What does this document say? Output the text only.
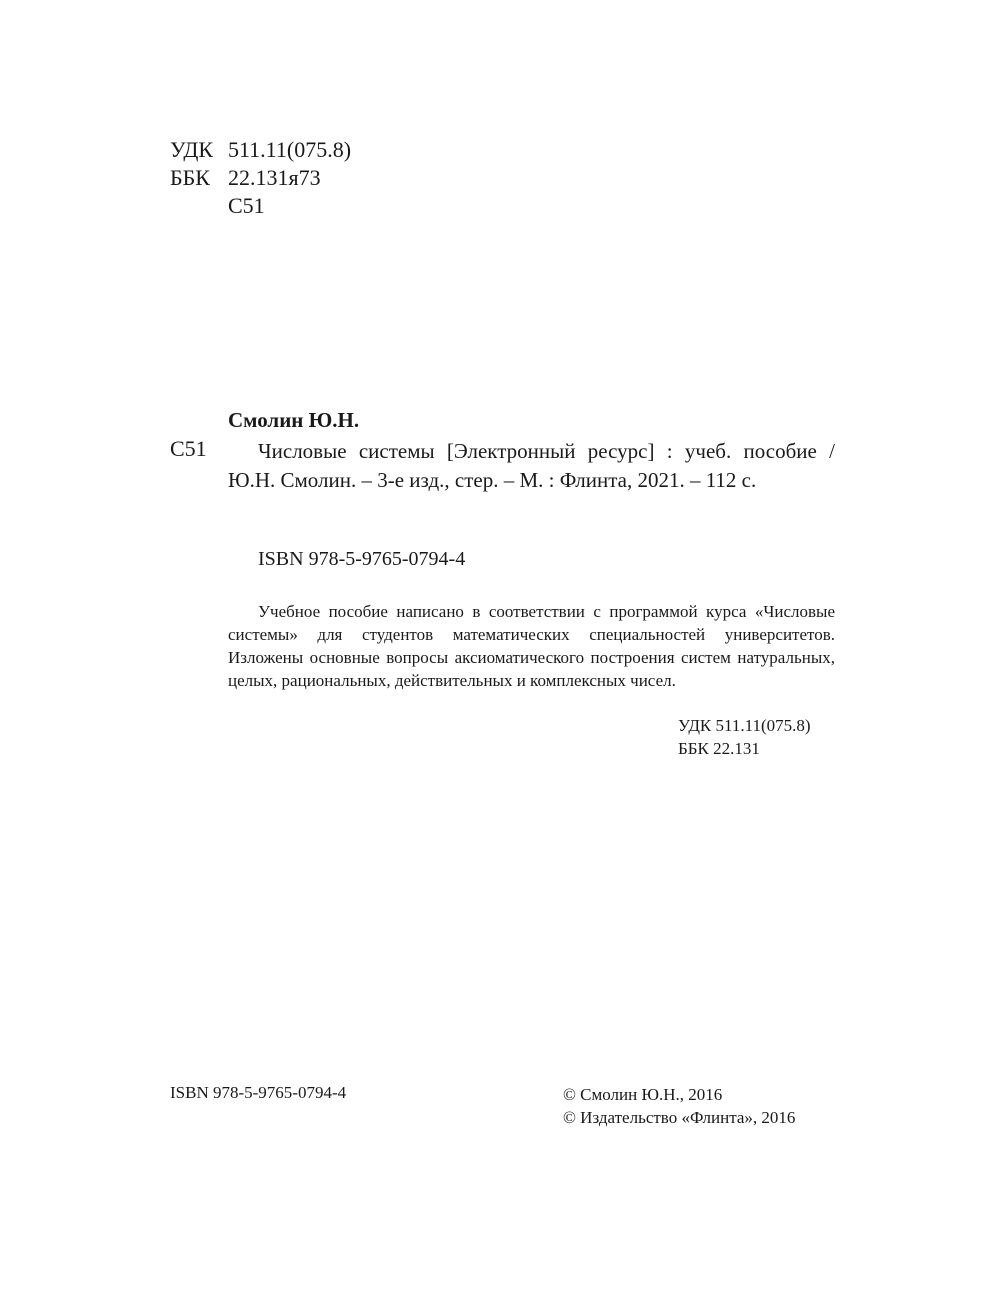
УДК 511.11(075.8)
ББК 22.131я73
С51
Смолин Ю.Н.
С51	Числовые системы [Электронный ресурс] : учеб. пособие / Ю.Н. Смолин. – 3-е изд., стер. – М. : Флинта, 2021. – 112 с.
ISBN 978-5-9765-0794-4
Учебное пособие написано в соответствии с программой курса «Числовые системы» для студентов математических специальностей университетов. Изложены основные вопросы аксиоматического построения систем натуральных, целых, рациональных, действительных и комплексных чисел.
УДК 511.11(075.8)
ББК 22.131
ISBN 978-5-9765-0794-4	© Смолин Ю.Н., 2016
© Издательство «Флинта», 2016
